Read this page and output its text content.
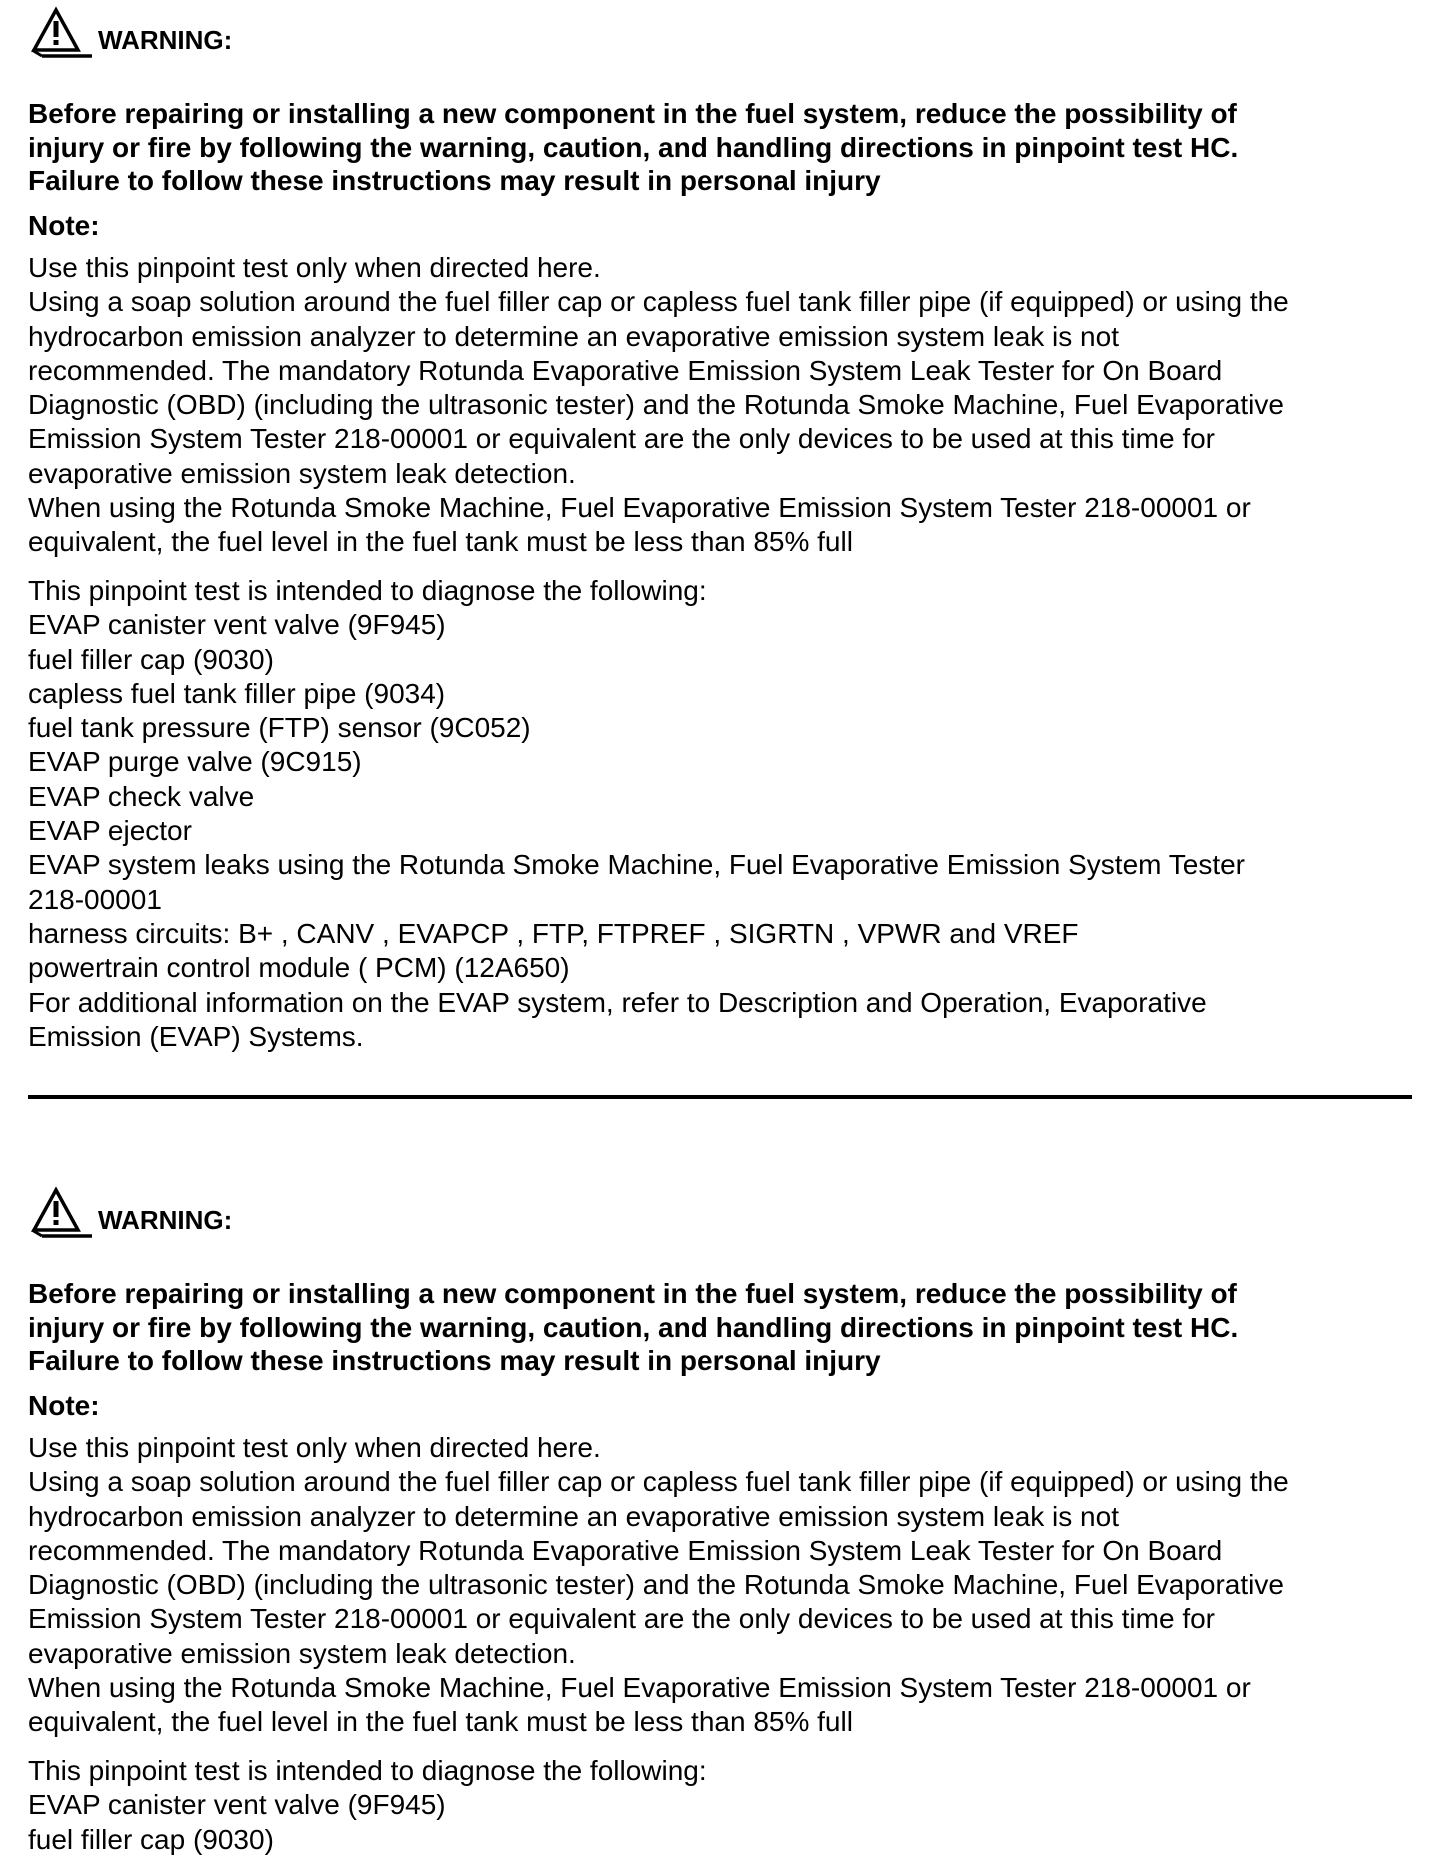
WARNING:
Before repairing or installing a new component in the fuel system, reduce the possibility of
injury or fire by following the warning, caution, and handling directions in pinpoint test HC.
Failure to follow these instructions may result in personal injury
Note:
Use this pinpoint test only when directed here.
Using a soap solution around the fuel filler cap or capless fuel tank filler pipe (if equipped) or using the
hydrocarbon emission analyzer to determine an evaporative emission system leak is not
recommended. The mandatory Rotunda Evaporative Emission System Leak Tester for On Board
Diagnostic (OBD) (including the ultrasonic tester) and the Rotunda Smoke Machine, Fuel Evaporative
Emission System Tester 218-00001 or equivalent are the only devices to be used at this time for
evaporative emission system leak detection.
When using the Rotunda Smoke Machine, Fuel Evaporative Emission System Tester 218-00001 or
equivalent, the fuel level in the fuel tank must be less than 85% full
This pinpoint test is intended to diagnose the following:
EVAP canister vent valve (9F945)
fuel filler cap (9030)
capless fuel tank filler pipe (9034)
fuel tank pressure (FTP) sensor (9C052)
EVAP purge valve (9C915)
EVAP check valve
EVAP ejector
EVAP system leaks using the Rotunda Smoke Machine, Fuel Evaporative Emission System Tester
218-00001
harness circuits: B+ , CANV , EVAPCP , FTP, FTPREF , SIGRTN , VPWR and VREF
powertrain control module ( PCM) (12A650)
For additional information on the EVAP system, refer to Description and Operation, Evaporative
Emission (EVAP) Systems.
WARNING:
Before repairing or installing a new component in the fuel system, reduce the possibility of
injury or fire by following the warning, caution, and handling directions in pinpoint test HC.
Failure to follow these instructions may result in personal injury
Note:
Use this pinpoint test only when directed here.
Using a soap solution around the fuel filler cap or capless fuel tank filler pipe (if equipped) or using the
hydrocarbon emission analyzer to determine an evaporative emission system leak is not
recommended. The mandatory Rotunda Evaporative Emission System Leak Tester for On Board
Diagnostic (OBD) (including the ultrasonic tester) and the Rotunda Smoke Machine, Fuel Evaporative
Emission System Tester 218-00001 or equivalent are the only devices to be used at this time for
evaporative emission system leak detection.
When using the Rotunda Smoke Machine, Fuel Evaporative Emission System Tester 218-00001 or
equivalent, the fuel level in the fuel tank must be less than 85% full
This pinpoint test is intended to diagnose the following:
EVAP canister vent valve (9F945)
fuel filler cap (9030)
